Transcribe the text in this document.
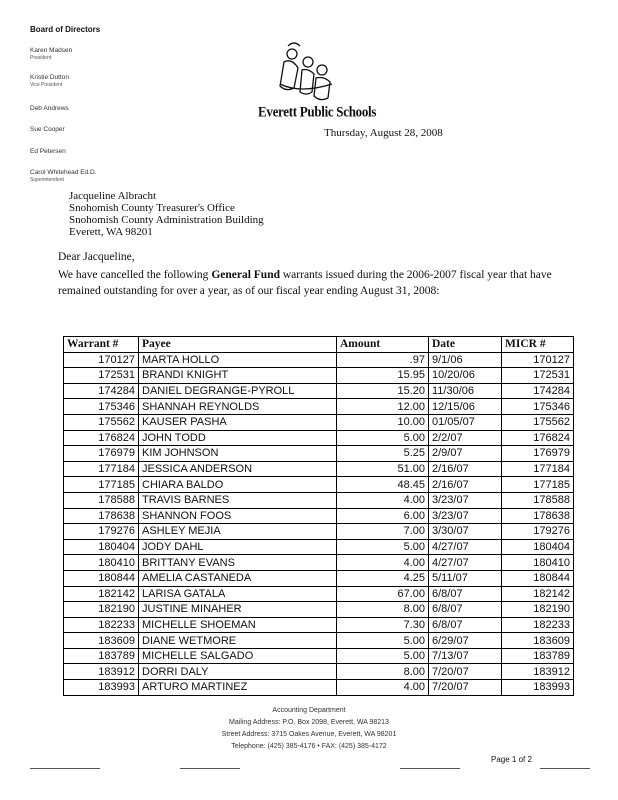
Board of Directors
Karen Madsen
President
Kristie Dutton
Vice President
Deb Andrews
Sue Cooper
Ed Petersen
Carol Whitehead Ed.D.
Superintendent
Everett Public Schools
Thursday, August 28, 2008
Jacqueline Albracht
Snohomish County Treasurer's Office
Snohomish County Administration Building
Everett, WA 98201
Dear Jacqueline,
We have cancelled the following General Fund warrants issued during the 2006-2007 fiscal year that have remained outstanding for over a year, as of our fiscal year ending August 31, 2008:
Warrant #	Payee	Amount	Date	MICR #
170127	MARTA HOLLO	.97	9/1/06	170127
172531	BRANDI KNIGHT	15.95	10/20/06	172531
174284	DANIEL DEGRANGE-PYROLL	15.20	11/30/06	174284
175346	SHANNAH REYNOLDS	12.00	12/15/06	175346
175562	KAUSER PASHA	10.00	01/05/07	175562
176824	JOHN TODD	5.00	2/2/07	176824
176979	KIM JOHNSON	5.25	2/9/07	176979
177184	JESSICA ANDERSON	51.00	2/16/07	177184
177185	CHIARA BALDO	48.45	2/16/07	177185
178588	TRAVIS BARNES	4.00	3/23/07	178588
178638	SHANNON FOOS	6.00	3/23/07	178638
179276	ASHLEY MEJIA	7.00	3/30/07	179276
180404	JODY DAHL	5.00	4/27/07	180404
180410	BRITTANY EVANS	4.00	4/27/07	180410
180844	AMELIA CASTANEDA	4.25	5/11/07	180844
182142	LARISA GATALA	67.00	6/8/07	182142
182190	JUSTINE MINAHER	8.00	6/8/07	182190
182233	MICHELLE SHOEMAN	7.30	6/8/07	182233
183609	DIANE WETMORE	5.00	6/29/07	183609
183789	MICHELLE SALGADO	5.00	7/13/07	183789
183912	DORRI DALY	8.00	7/20/07	183912
183993	ARTURO MARTINEZ	4.00	7/20/07	183993
Accounting Department
Mailing Address: P.O. Box 2098, Everett, WA 98213
Street Address: 3715 Oakes Avenue, Everett, WA 98201
Telephone: (425) 385-4176 • FAX: (425) 385-4172
Page 1 of 2
